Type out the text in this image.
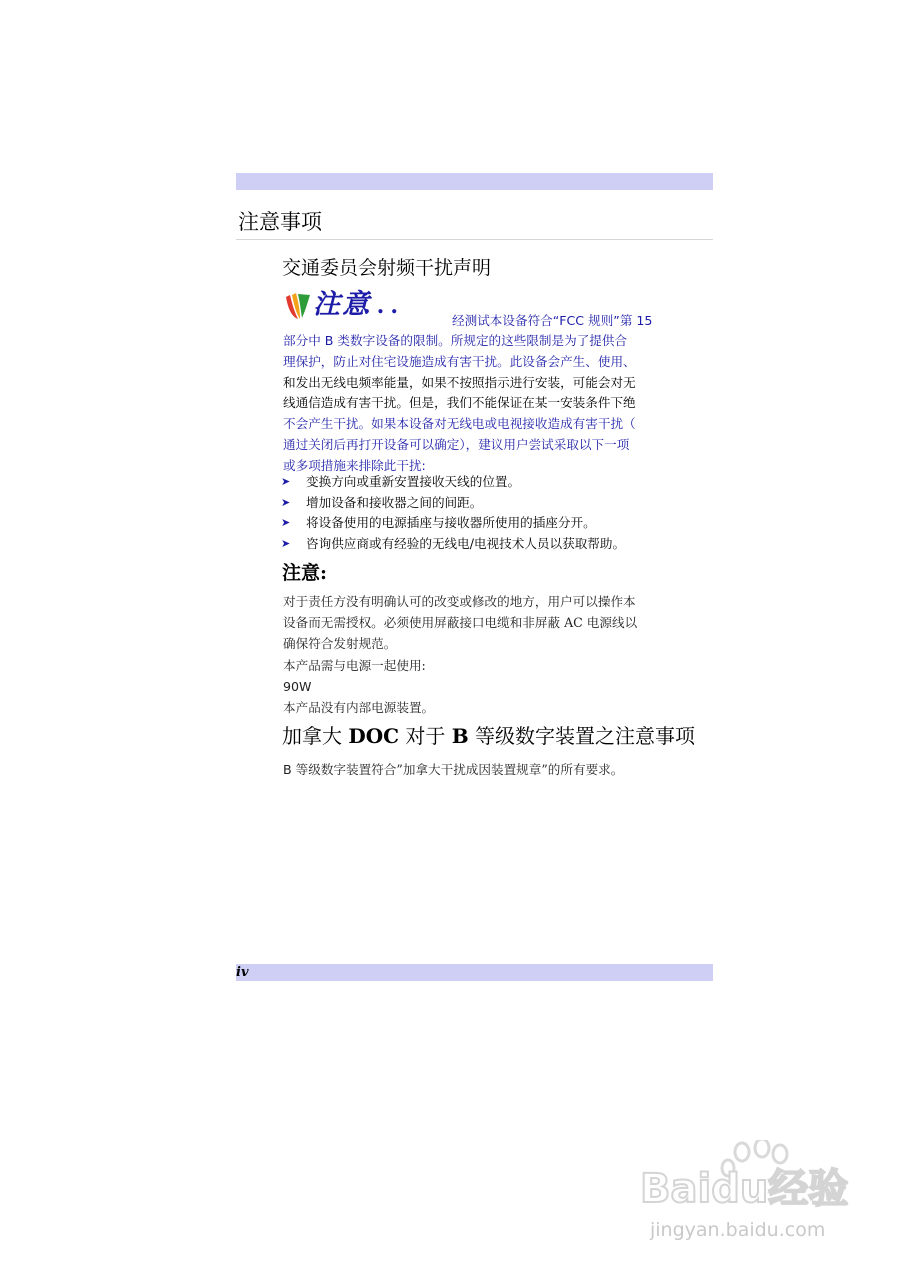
注意事项
交通委员会射频干扰声明
注意
...
经测试本设备符合“FCC 规则”第 15
部分中 B 类数字设备的限制。所规定的这些限制是为了提供合
理保护，防止对住宅设施造成有害干扰。此设备会产生、使用、
和发出无线电频率能量，如果不按照指示进行安装，可能会对无
线通信造成有害干扰。但是，我们不能保证在某一安装条件下绝
不会产生干扰。如果本设备对无线电或电视接收造成有害干扰（
通过关闭后再打开设备可以确定），建议用户尝试采取以下一项
或多项措施来排除此干扰:
➤ 变换方向或重新安置接收天线的位置。
➤ 增加设备和接收器之间的间距。
➤ 将设备使用的电源插座与接收器所使用的插座分开。
➤ 咨询供应商或有经验的无线电/电视技术人员以获取帮助。
注意:
对于责任方没有明确认可的改变或修改的地方，用户可以操作本
设备而无需授权。必须使用屏蔽接口电缆和非屏蔽 AC 电源线以
确保符合发射规范。
本产品需与电源一起使用:
90W
本产品没有内部电源装置。
加拿大 DOC 对于 B 等级数字装置之注意事项
B 等级数字装置符合”加拿大干扰成因装置规章”的所有要求。
iv
Baidu经验
jingyan.baidu.com
